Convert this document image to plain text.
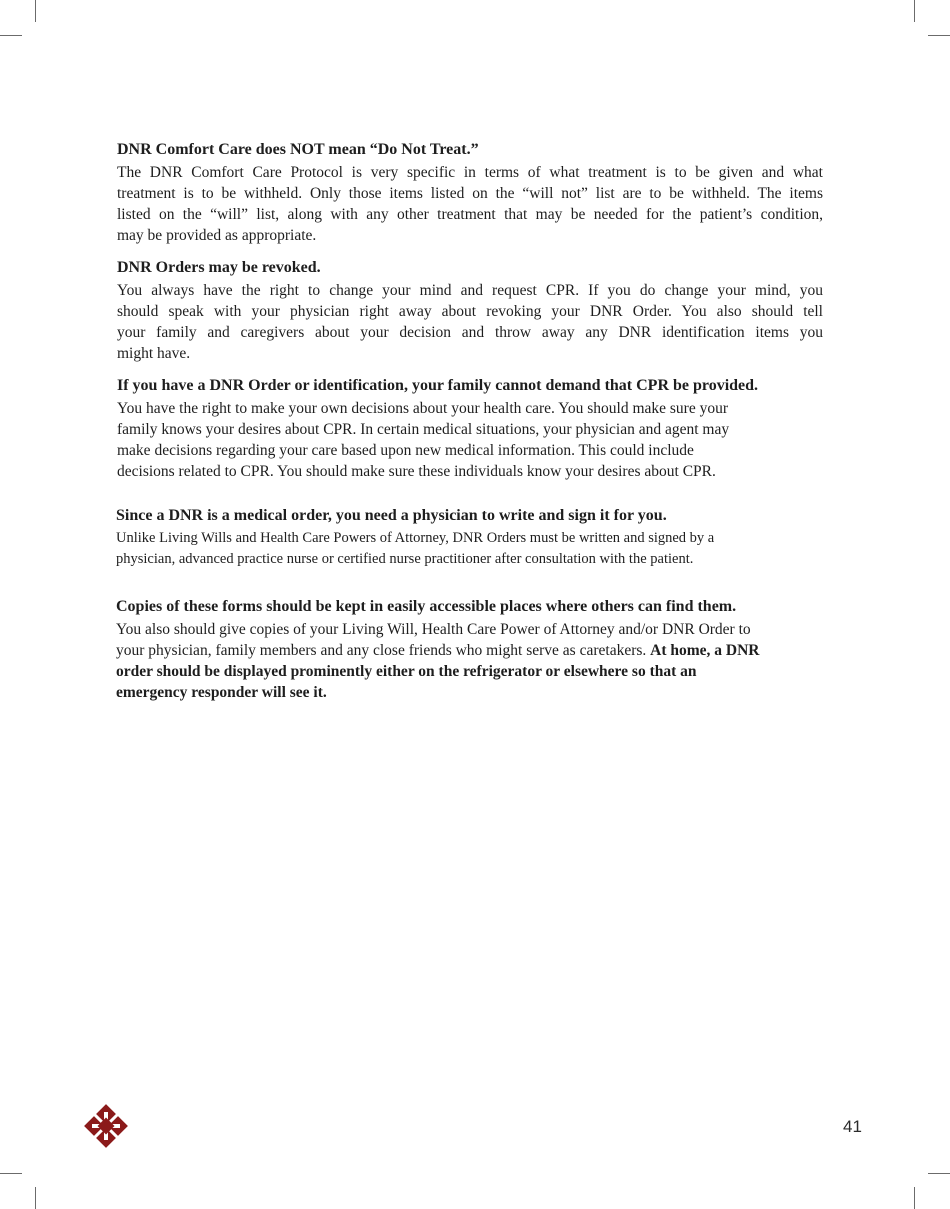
DNR Comfort Care does NOT mean “Do Not Treat.”

The DNR Comfort Care Protocol is very specific in terms of what treatment is to be given and what
treatment is to be withheld. Only those items listed on the “will not” list are to be withheld. The items
listed on the “will” list, along with any other treatment that may be needed for the patient’s condition,
may be provided as appropriate.

DNR Orders may be revoked.

You always have the right to change your mind and request CPR. If you do change your mind, you
should speak with your physician right away about revoking your DNR Order. You also should tell
your family and caregivers about your decision and throw away any DNR identification items you
might have.

If you have a DNR Order or identification, your family cannot demand that CPR be provided.

You have the right to make your own decisions about your health care. You should make sure your
family knows your desires about CPR. In certain medical situations, your physician and agent may
make decisions regarding your care based upon new medical information. This could include
decisions related to CPR. You should make sure these individuals know your desires about CPR.

Since a DNR is a medical order, you need a physician to write and sign it for you.

Unlike Living Wills and Health Care Powers of Attorney, DNR Orders must be written and signed by a
physician, advanced practice nurse or certified nurse practitioner after consultation with the patient.

Copies of these forms should be kept in easily accessible places where others can find them.

You also should give copies of your Living Will, Health Care Power of Attorney and/or DNR Order to
your physician, family members and any close friends who might serve as caretakers. At home, a DNR
order should be displayed prominently either on the refrigerator or elsewhere so that an
emergency responder will see it.

41
